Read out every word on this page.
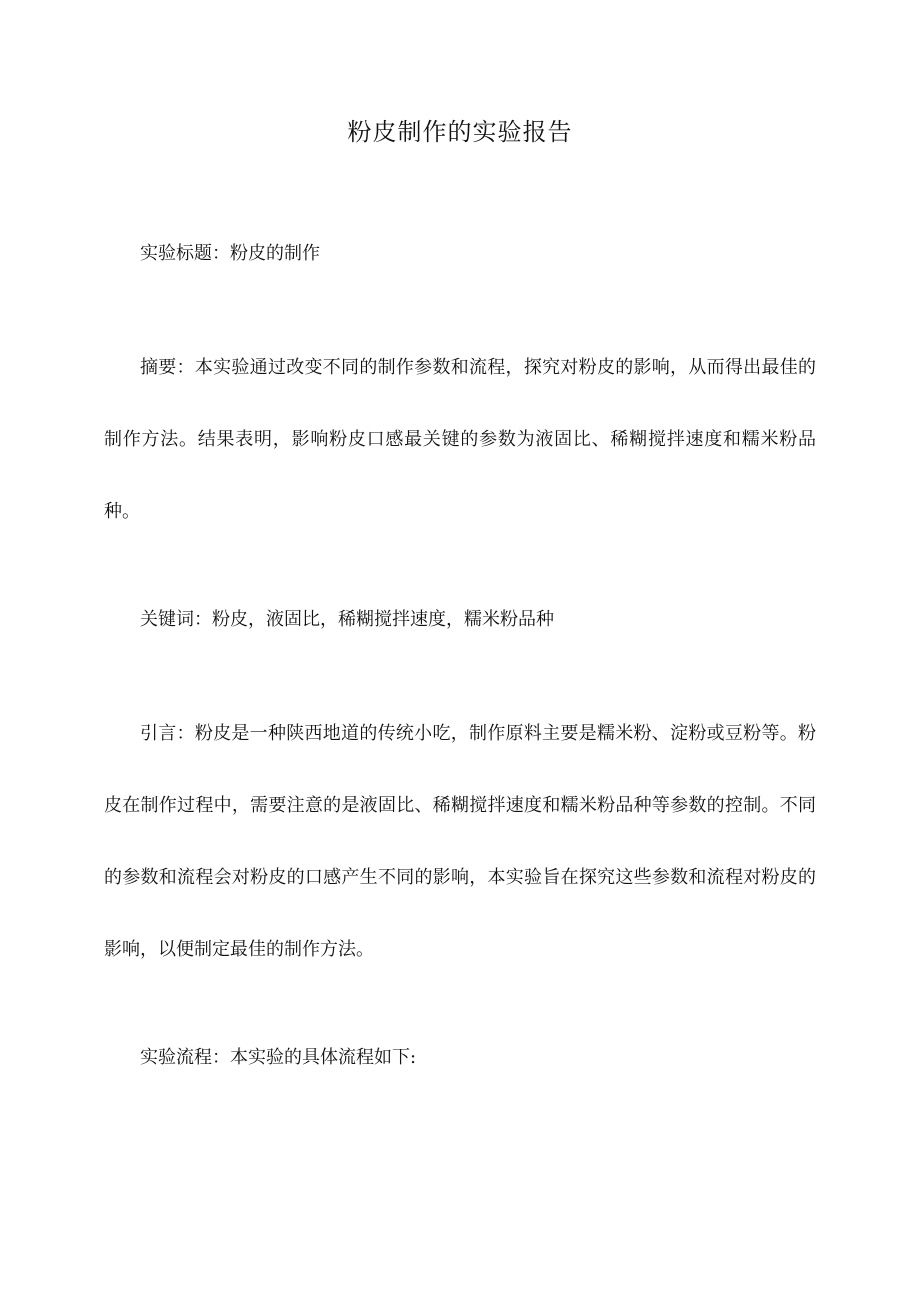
粉皮制作的实验报告

实验标题：粉皮的制作

摘要：本实验通过改变不同的制作参数和流程，探究对粉皮的影响，从而得出最佳的制作方法。结果表明，影响粉皮口感最关键的参数为液固比、稀糊搅拌速度和糯米粉品种。

关键词：粉皮，液固比，稀糊搅拌速度，糯米粉品种

引言：粉皮是一种陕西地道的传统小吃，制作原料主要是糯米粉、淀粉或豆粉等。粉皮在制作过程中，需要注意的是液固比、稀糊搅拌速度和糯米粉品种等参数的控制。不同的参数和流程会对粉皮的口感产生不同的影响，本实验旨在探究这些参数和流程对粉皮的影响，以便制定最佳的制作方法。

实验流程：本实验的具体流程如下:
